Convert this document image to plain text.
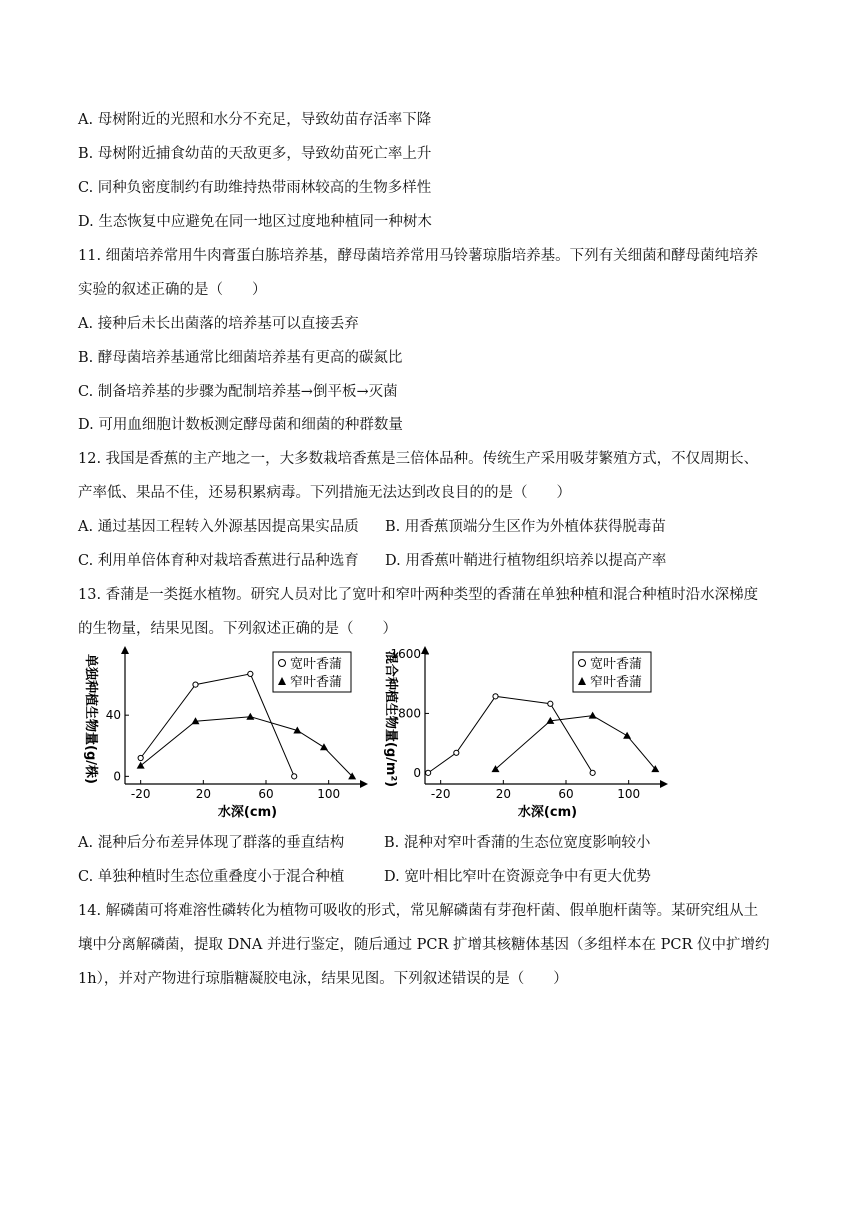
A. 母树附近的光照和水分不充足，导致幼苗存活率下降
B. 母树附近捕食幼苗的天敌更多，导致幼苗死亡率上升
C. 同种负密度制约有助维持热带雨林较高的生物多样性
D. 生态恢复中应避免在同一地区过度地种植同一种树木
11. 细菌培养常用牛肉膏蛋白胨培养基，酵母菌培养常用马铃薯琼脂培养基。下列有关细菌和酵母菌纯培养
实验的叙述正确的是（　　）
A. 接种后未长出菌落的培养基可以直接丢弃
B. 酵母菌培养基通常比细菌培养基有更高的碳氮比
C. 制备培养基的步骤为配制培养基→倒平板→灭菌
D. 可用血细胞计数板测定酵母菌和细菌的种群数量
12. 我国是香蕉的主产地之一，大多数栽培香蕉是三倍体品种。传统生产采用吸芽繁殖方式，不仅周期长、
产率低、果品不佳，还易积累病毒。下列措施无法达到改良目的的是（　　）
A. 通过基因工程转入外源基因提高果实品质 B. 用香蕉顶端分生区作为外植体获得脱毒苗
C. 利用单倍体育种对栽培香蕉进行品种选育 D. 用香蕉叶鞘进行植物组织培养以提高产率
13. 香蒲是一类挺水植物。研究人员对比了宽叶和窄叶两种类型的香蒲在单独种植和混合种植时沿水深梯度
的生物量，结果见图。下列叙述正确的是（　　）
-20	20	60	100
0
40
水深(cm)
单独种植生物量(g/株)	宽叶香蒲
窄叶香蒲
-20	20	60	100
0
800
1600
水深(cm)
混合种植生物量(g/m²)	宽叶香蒲
窄叶香蒲
A. 混种后分布差异体现了群落的垂直结构	B. 混种对窄叶香蒲的生态位宽度影响较小
C. 单独种植时生态位重叠度小于混合种植	D. 宽叶相比窄叶在资源竞争中有更大优势
14. 解磷菌可将难溶性磷转化为植物可吸收的形式，常见解磷菌有芽孢杆菌、假单胞杆菌等。某研究组从土
壤中分离解磷菌，提取 DNA 并进行鉴定，随后通过 PCR 扩增其核糖体基因（多组样本在 PCR 仪中扩增约
1h），并对产物进行琼脂糖凝胶电泳，结果见图。下列叙述错误的是（　　）
